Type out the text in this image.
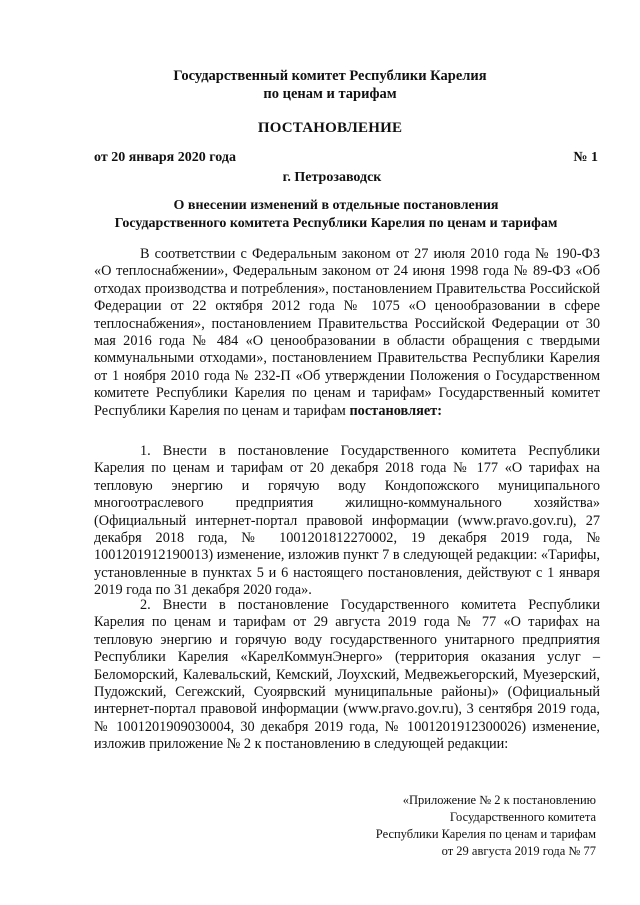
Государственный комитет Республики Карелия
по ценам и тарифам
ПОСТАНОВЛЕНИЕ
от 20 января 2020 года	№ 1
г. Петрозаводск
О внесении изменений в отдельные постановления
Государственного комитета Республики Карелия по ценам и тарифам

В соответствии с Федеральным законом от 27 июля 2010 года № 190-ФЗ «О теплоснабжении», Федеральным законом от 24 июня 1998 года № 89-ФЗ «Об отходах производства и потребления», постановлением Правительства Российской Федерации от 22 октября 2012 года № 1075 «О ценообразовании в сфере теплоснабжения», постановлением Правительства Российской Федерации от 30 мая 2016 года № 484 «О ценообразовании в области обращения с твердыми коммунальными отходами», постановлением Правительства Республики Карелия от 1 ноября 2010 года № 232-П «Об утверждении Положения о Государственном комитете Республики Карелия по ценам и тарифам» Государственный комитет Республики Карелия по ценам и тарифам постановляет:

1. Внести в постановление Государственного комитета Республики Карелия по ценам и тарифам от 20 декабря 2018 года № 177 «О тарифах на тепловую энергию и горячую воду Кондопожского муниципального многоотраслевого предприятия жилищно-коммунального хозяйства» (Официальный интернет-портал правовой информации (www.pravo.gov.ru), 27 декабря 2018 года, № 1001201812270002, 19 декабря 2019 года, № 1001201912190013) изменение, изложив пункт 7 в следующей редакции: «Тарифы, установленные в пунктах 5 и 6 настоящего постановления, действуют с 1 января 2019 года по 31 декабря 2020 года».

2. Внести в постановление Государственного комитета Республики Карелия по ценам и тарифам от 29 августа 2019 года № 77 «О тарифах на тепловую энергию и горячую воду государственного унитарного предприятия Республики Карелия «КарелКоммунЭнерго» (территория оказания услуг – Беломорский, Калевальский, Кемский, Лоухский, Медвежьегорский, Муезерский, Пудожский, Сегежский, Суоярвский муниципальные районы)» (Официальный интернет-портал правовой информации (www.pravo.gov.ru), 3 сентября 2019 года, № 1001201909030004, 30 декабря 2019 года, № 1001201912300026) изменение, изложив приложение № 2 к постановлению в следующей редакции:

«Приложение № 2 к постановлению
Государственного комитета
Республики Карелия по ценам и тарифам
от 29 августа 2019 года № 77
